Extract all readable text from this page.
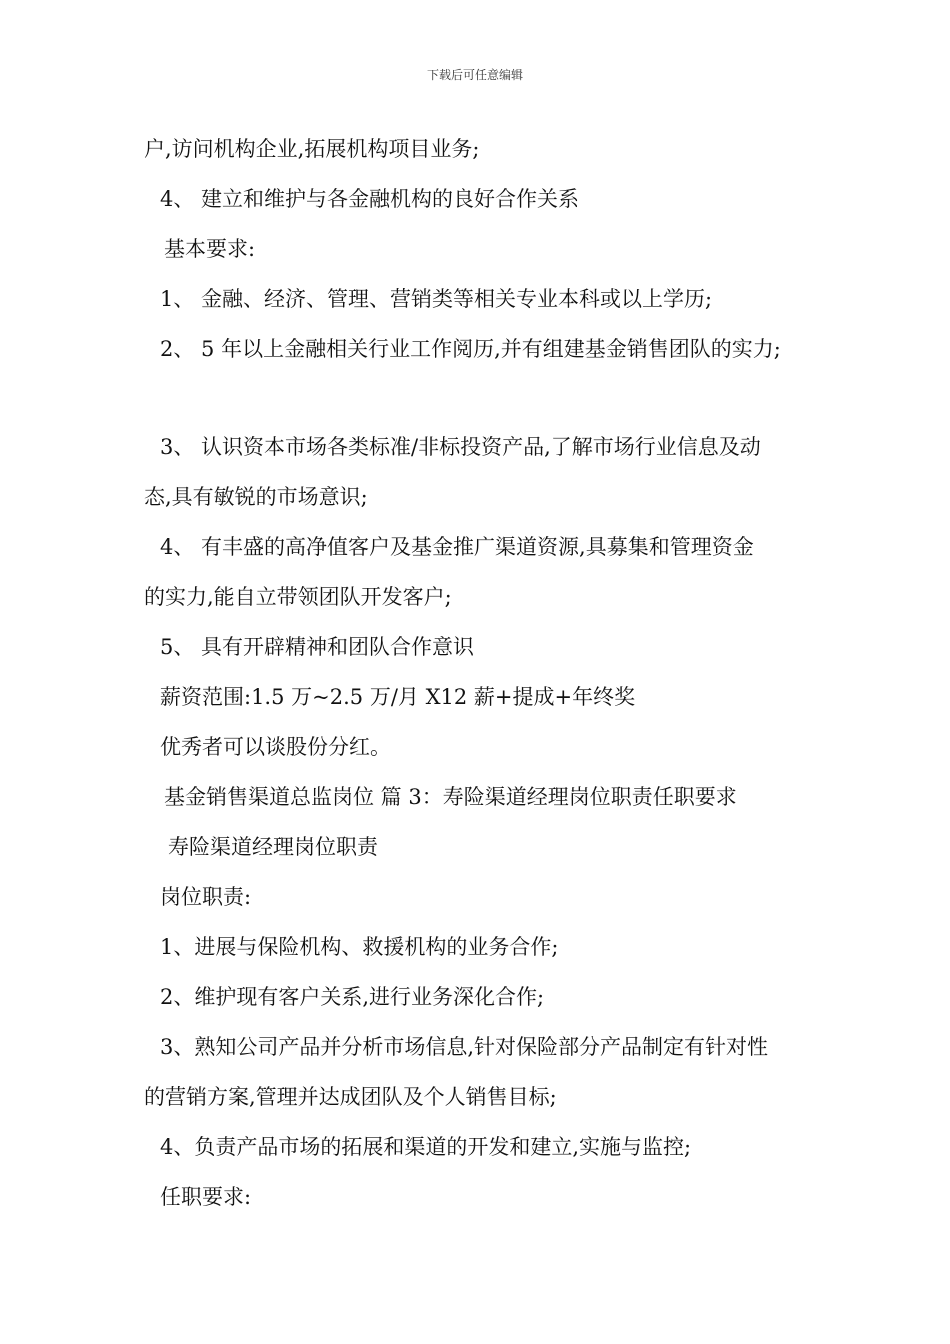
下载后可任意编辑
户,访问机构企业,拓展机构项目业务;
4、 建立和维护与各金融机构的良好合作关系
基本要求:
1、 金融、经济、管理、营销类等相关专业本科或以上学历;
2、 5 年以上金融相关行业工作阅历,并有组建基金销售团队的实力;
3、 认识资本市场各类标准/非标投资产品,了解市场行业信息及动
态,具有敏锐的市场意识;
4、 有丰盛的高净值客户及基金推广渠道资源,具募集和管理资金
的实力,能自立带领团队开发客户;
5、 具有开辟精神和团队合作意识
薪资范围:1.5 万~2.5 万/月 X12 薪+提成+年终奖
优秀者可以谈股份分红。
基金销售渠道总监岗位 篇 3：寿险渠道经理岗位职责任职要求
寿险渠道经理岗位职责
岗位职责:
1、进展与保险机构、救援机构的业务合作;
2、维护现有客户关系,进行业务深化合作;
3、熟知公司产品并分析市场信息,针对保险部分产品制定有针对性
的营销方案,管理并达成团队及个人销售目标;
4、负责产品市场的拓展和渠道的开发和建立,实施与监控;
任职要求:
